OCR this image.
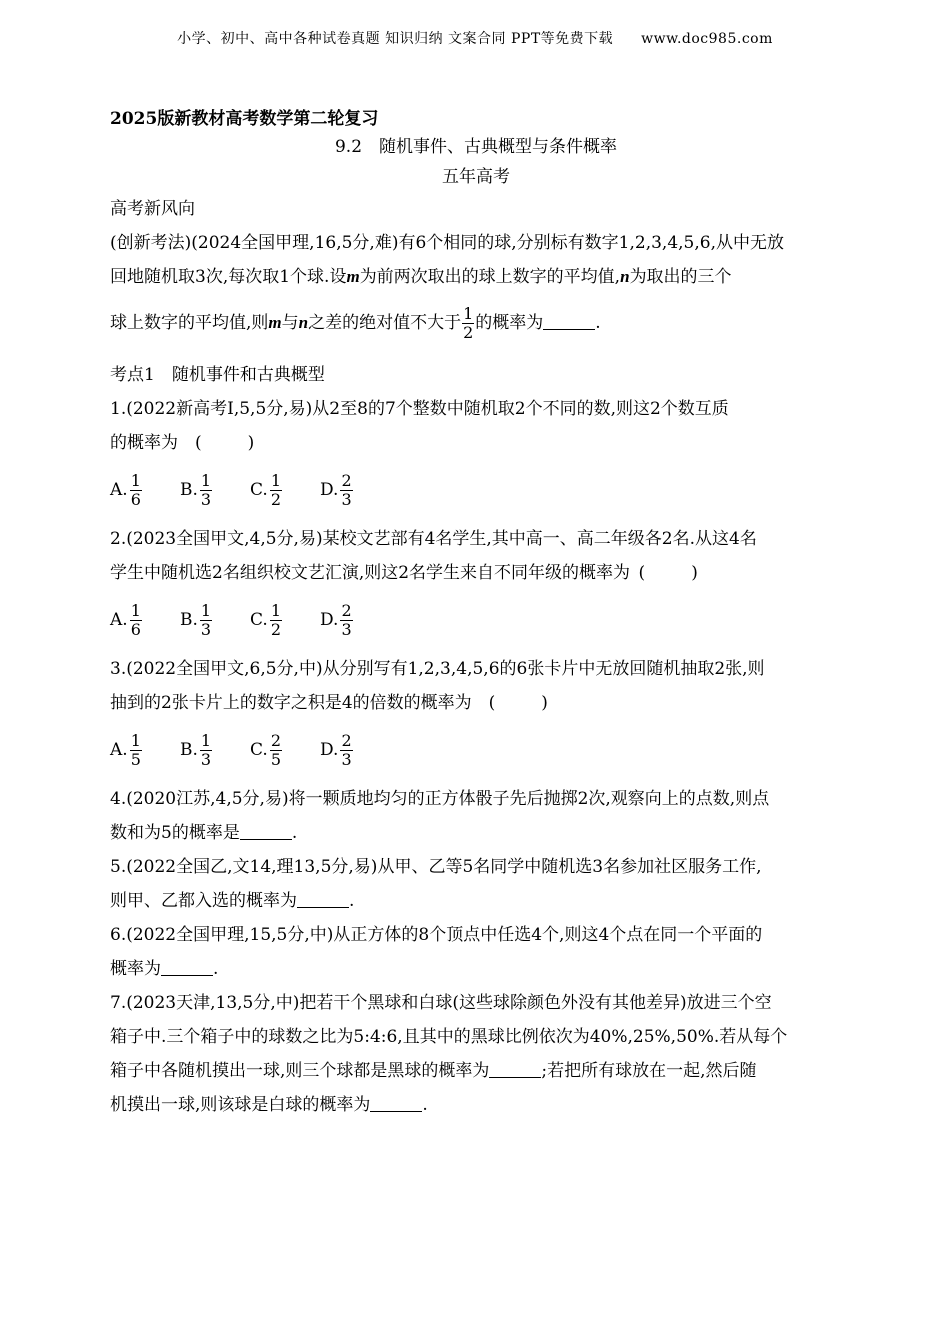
小学、初中、高中各种试卷真题 知识归纳 文案合同 PPT等免费下载 www.doc985.com
2025版新教材高考数学第二轮复习
9.2　随机事件、古典概型与条件概率
五年高考
高考新风向
(创新考法)(2024全国甲理,16,5分,难)有6个相同的球,分别标有数字1,2,3,4,5,6,从中无放
回地随机取3次,每次取1个球.设m为前两次取出的球上数字的平均值,n为取出的三个
球上数字的平均值,则m与n之差的绝对值不大于 $\frac{1}{2}$ 的概率为	.
考点1　随机事件和古典概型
1.(2022新高考Ⅰ,5,5分,易)从2至8的7个整数中随机取2个不同的数,则这2个数互质
的概率为  (	)
A. $\frac{1}{6} B$. $\frac{1}{3} C$. $\frac{1}{2} D$. $\frac{2}{3}$
2.(2023全国甲文,4,5分,易)某校文艺部有4名学生,其中高一、高二年级各2名.从这4名
学生中随机选2名组织校文艺汇演,则这2名学生来自不同年级的概率为  (	)
A. $\frac{1}{6} B$. $\frac{1}{3} C$. $\frac{1}{2} D$. $\frac{2}{3}$
3.(2022全国甲文,6,5分,中)从分别写有1,2,3,4,5,6的6张卡片中无放回随机抽取2张,则
抽到的2张卡片上的数字之积是4的倍数的概率为  (	)
A. $\frac{1}{5} B$. $\frac{1}{3} C$. $\frac{2}{5} D$. $\frac{2}{3}$
4.(2020江苏,4,5分,易)将一颗质地均匀的正方体骰子先后抛掷2次,观察向上的点数,则点
数和为5的概率是	.
5.(2022全国乙,文14,理13,5分,易)从甲、乙等5名同学中随机选3名参加社区服务工作,
则甲、乙都入选的概率为	.
6.(2022全国甲理,15,5分,中)从正方体的8个顶点中任选4个,则这4个点在同一个平面的
概率为	.
7.(2023天津,13,5分,中)把若干个黑球和白球(这些球除颜色外没有其他差异)放进三个空
箱子中.三个箱子中的球数之比为5:4:6,且其中的黑球比例依次为40%,25%,50%.若从每个
箱子中各随机摸出一球,则三个球都是黑球的概率为	;若把所有球放在一起,然后随
机摸出一球,则该球是白球的概率为	.
